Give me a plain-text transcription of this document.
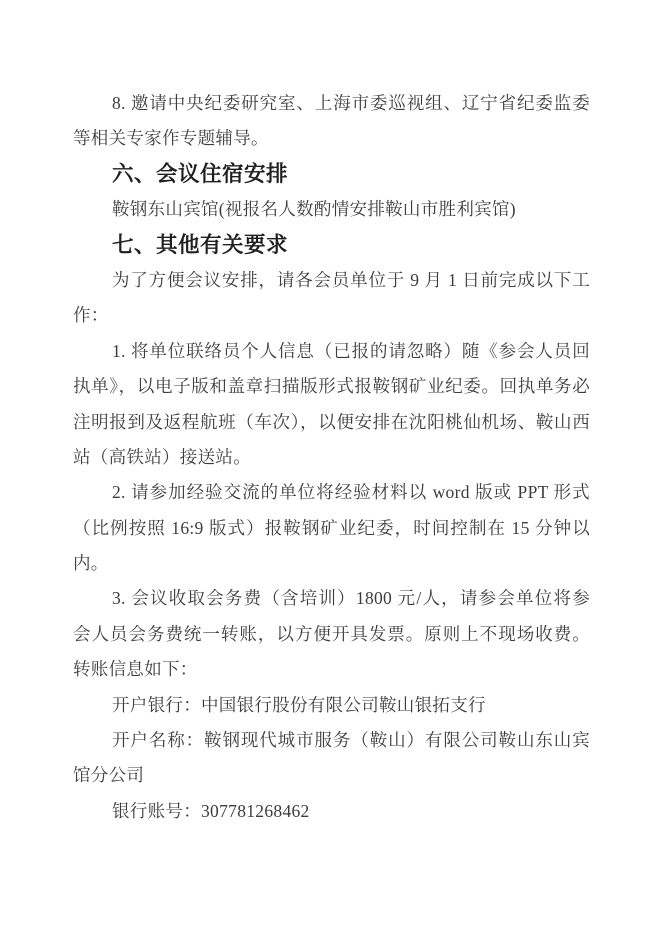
8. 邀请中央纪委研究室、上海市委巡视组、辽宁省纪委监委
等相关专家作专题辅导。
六、会议住宿安排
鞍钢东山宾馆(视报名人数酌情安排鞍山市胜利宾馆)
七、其他有关要求
为了方便会议安排，请各会员单位于 9 月 1 日前完成以下工
作：
1. 将单位联络员个人信息（已报的请忽略）随《参会人员回
执单》，以电子版和盖章扫描版形式报鞍钢矿业纪委。回执单务必
注明报到及返程航班（车次），以便安排在沈阳桃仙机场、鞍山西
站（高铁站）接送站。
2. 请参加经验交流的单位将经验材料以 word 版或 PPT 形式
（比例按照 16:9 版式）报鞍钢矿业纪委，时间控制在 15 分钟以
内。
3. 会议收取会务费（含培训）1800 元/人，请参会单位将参
会人员会务费统一转账，以方便开具发票。原则上不现场收费。
转账信息如下：
开户银行：中国银行股份有限公司鞍山银拓支行
开户名称：鞍钢现代城市服务（鞍山）有限公司鞍山东山宾
馆分公司
银行账号：307781268462
